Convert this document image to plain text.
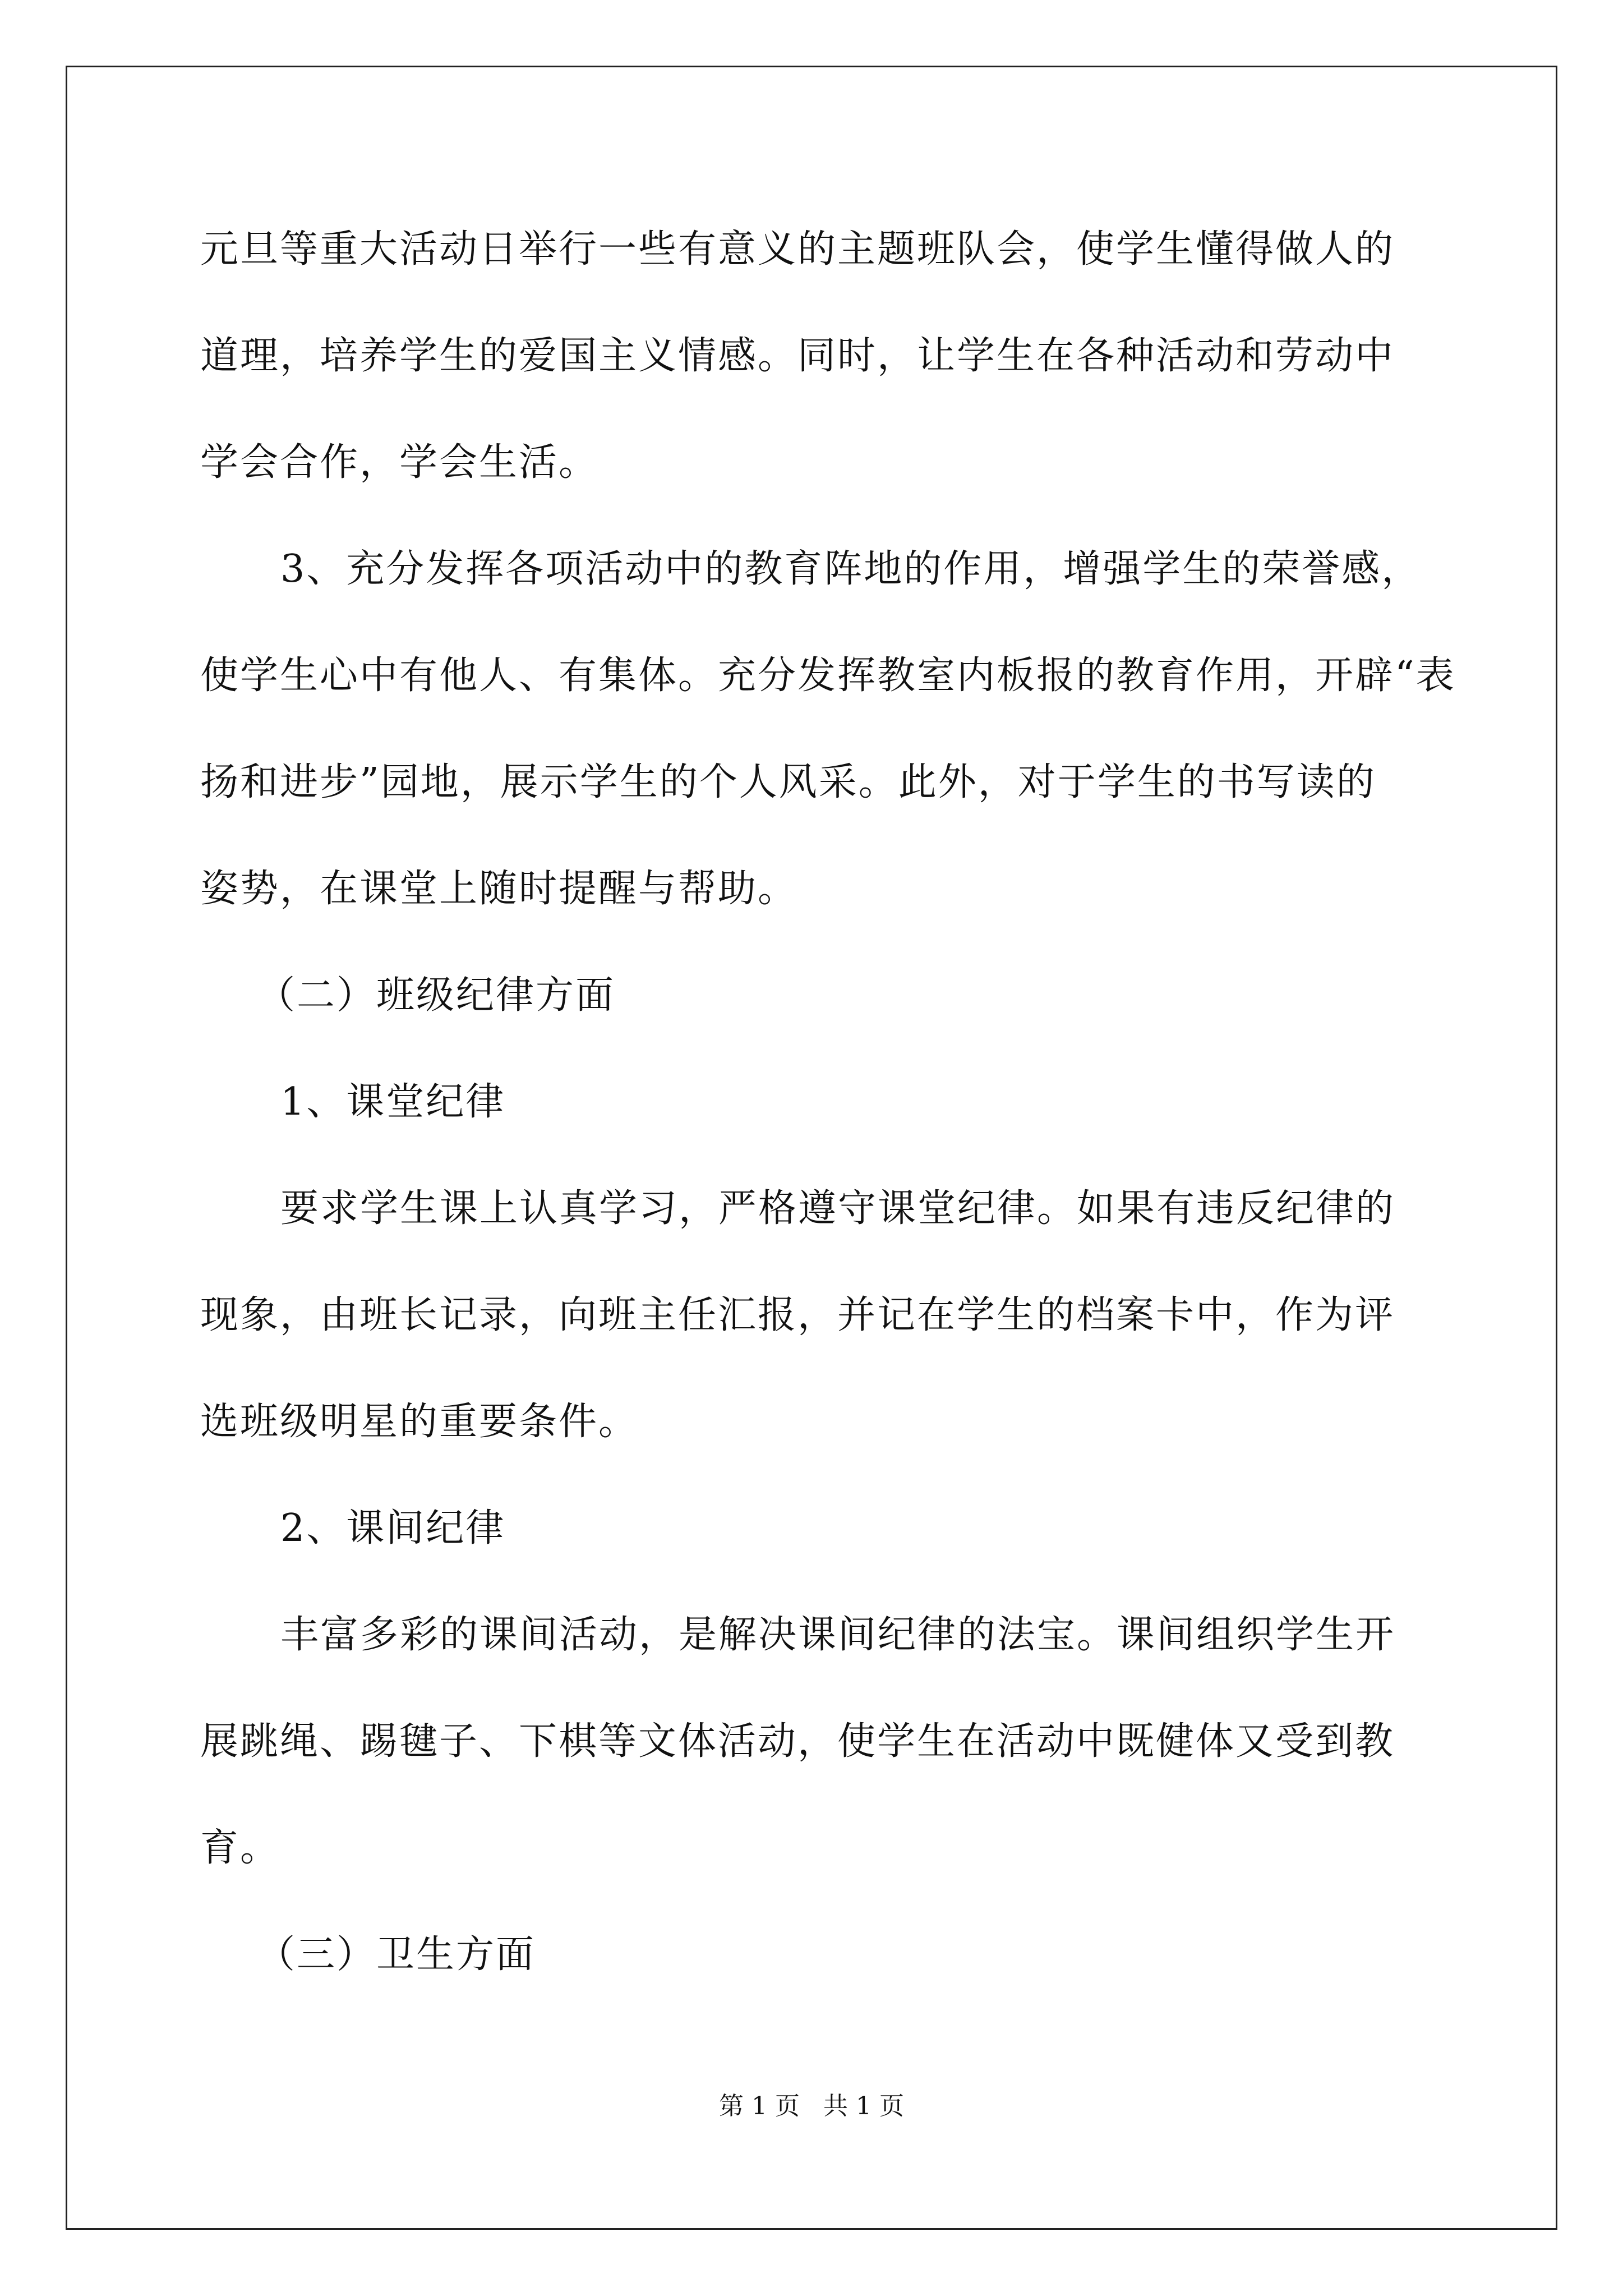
元旦等重大活动日举行一些有意义的主题班队会，使学生懂得做人的
道理，培养学生的爱国主义情感。同时，让学生在各种活动和劳动中
学会合作，学会生活。
3、充分发挥各项活动中的教育阵地的作用，增强学生的荣誉感，
使学生心中有他人、有集体。充分发挥教室内板报的教育作用，开辟“表
扬和进步”园地，展示学生的个人风采。此外，对于学生的书写读的
姿势，在课堂上随时提醒与帮助。
（二）班级纪律方面
1、课堂纪律
要求学生课上认真学习，严格遵守课堂纪律。如果有违反纪律的
现象，由班长记录，向班主任汇报，并记在学生的档案卡中，作为评
选班级明星的重要条件。
2、课间纪律
丰富多彩的课间活动，是解决课间纪律的法宝。课间组织学生开
展跳绳、踢毽子、下棋等文体活动，使学生在活动中既健体又受到教
育。
（三）卫生方面
第 1 页   共 1 页
